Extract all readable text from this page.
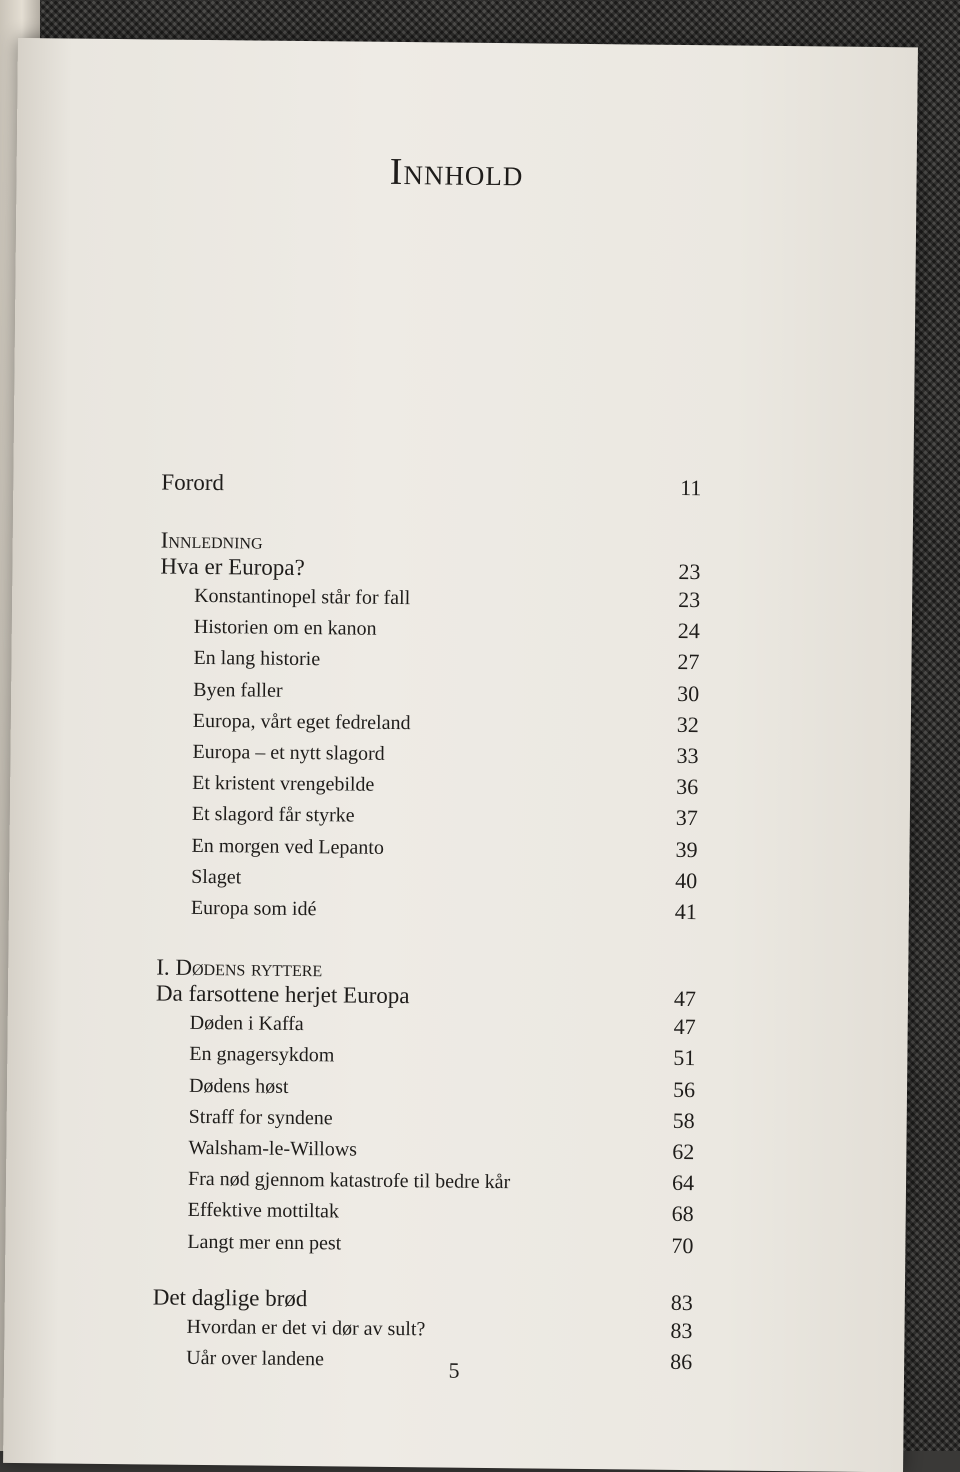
Innhold
Forord	11
Innledning
Hva er Europa?	23
Konstantinopel står for fall	23
Historien om en kanon	24
En lang historie	27
Byen faller	30
Europa, vårt eget fedreland	32
Europa – et nytt slagord	33
Et kristent vrengebilde	36
Et slagord får styrke	37
En morgen ved Lepanto	39
Slaget	40
Europa som idé	41
I. Dødens ryttere
Da farsottene herjet Europa	47
Døden i Kaffa	47
En gnagersykdom	51
Dødens høst	56
Straff for syndene	58
Walsham-le-Willows	62
Fra nød gjennom katastrofe til bedre kår	64
Effektive mottiltak	68
Langt mer enn pest	70
Det daglige brød	83
Hvordan er det vi dør av sult?	83
Uår over landene	86
5
